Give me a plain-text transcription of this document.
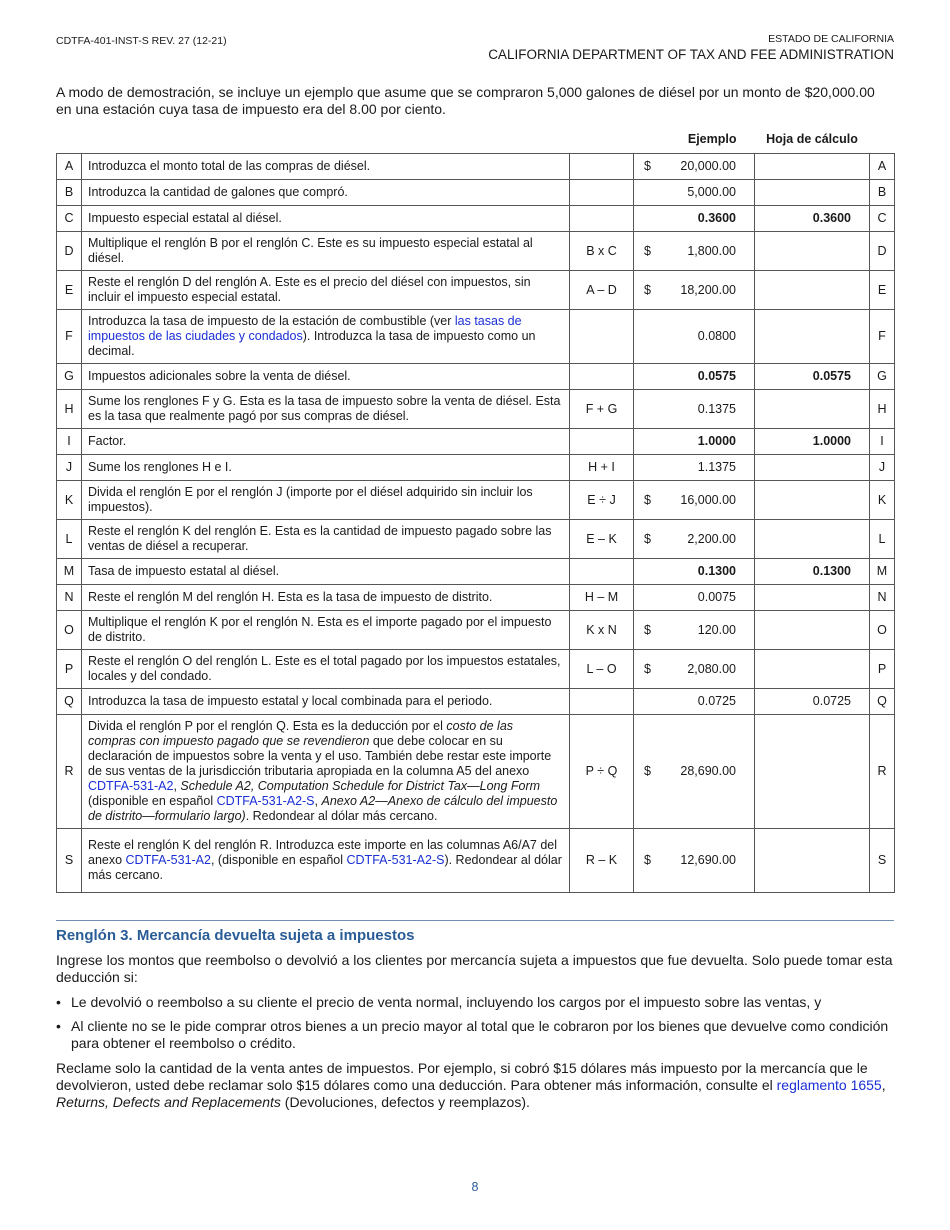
CDTFA-401-INST-S REV. 27 (12-21)	ESTADO DE CALIFORNIA
CALIFORNIA DEPARTMENT OF TAX AND FEE ADMINISTRATION
A modo de demostración, se incluye un ejemplo que asume que se compraron 5,000 galones de diésel por un monto de $20,000.00 en una estación cuya tasa de impuesto era del 8.00 por ciento.
			Ejemplo	Hoja de cálculo	
A	Introduzca el monto total de las compras de diésel.		$ 20,000.00		A
B	Introduzca la cantidad de galones que compró.		5,000.00		B
C	Impuesto especial estatal al diésel.		0.3600	0.3600	C
D	Multiplique el renglón B por el renglón C. Este es su impuesto especial estatal al diésel.	B x C	$ 1,800.00		D
E	Reste el renglón D del renglón A. Este es el precio del diésel con impuestos, sin incluir el impuesto especial estatal.	A – D	$ 18,200.00		E
F	Introduzca la tasa de impuesto de la estación de combustible (ver las tasas de impuestos de las ciudades y condados). Introduzca la tasa de impuesto como un decimal.		0.0800		F
G	Impuestos adicionales sobre la venta de diésel.		0.0575	0.0575	G
H	Sume los renglones F y G. Esta es la tasa de impuesto sobre la venta de diésel. Esta es la tasa que realmente pagó por sus compras de diésel.	F + G	0.1375		H
I	Factor.		1.0000	1.0000	I
J	Sume los renglones H e I.	H + I	1.1375		J
K	Divida el renglón E por el renglón J (importe por el diésel adquirido sin incluir los impuestos).	E ÷ J	$ 16,000.00		K
L	Reste el renglón K del renglón E. Esta es la cantidad de impuesto pagado sobre las ventas de diésel a recuperar.	E – K	$ 2,200.00		L
M	Tasa de impuesto estatal al diésel.		0.1300	0.1300	M
N	Reste el renglón M del renglón H. Esta es la tasa de impuesto de distrito.	H – M	0.0075		N
O	Multiplique el renglón K por el renglón N. Esta es el importe pagado por el impuesto de distrito.	K x N	$ 120.00		O
P	Reste el renglón O del renglón L. Este es el total pagado por los impuestos estatales, locales y del condado.	L – O	$ 2,080.00		P
Q	Introduzca la tasa de impuesto estatal y local combinada para el periodo.		0.0725	0.0725	Q
R	Divida el renglón P por el renglón Q. Esta es la deducción por el costo de las compras con impuesto pagado que se revendieron que debe colocar en su declaración de impuestos sobre la venta y el uso. También debe restar este importe de sus ventas de la jurisdicción tributaria apropiada en la columna A5 del anexo CDTFA-531-A2, Schedule A2, Computation Schedule for District Tax—Long Form (disponible en español CDTFA-531-A2-S, Anexo A2—Anexo de cálculo del impuesto de distrito—formulario largo). Redondear al dólar más cercano.	P ÷ Q	$ 28,690.00		R
S	Reste el renglón K del renglón R. Introduzca este importe en las columnas A6/A7 del anexo CDTFA-531-A2, (disponible en español CDTFA-531-A2-S). Redondear al dólar más cercano.	R – K	$ 12,690.00		S
Renglón 3. Mercancía devuelta sujeta a impuestos

Ingrese los montos que reembolso o devolvió a los clientes por mercancía sujeta a impuestos que fue devuelta. Solo puede tomar esta deducción si:

• Le devolvió o reembolso a su cliente el precio de venta normal, incluyendo los cargos por el impuesto sobre las ventas, y
• Al cliente no se le pide comprar otros bienes a un precio mayor al total que le cobraron por los bienes que devuelve como condición para obtener el reembolso o crédito.

Reclame solo la cantidad de la venta antes de impuestos. Por ejemplo, si cobró $15 dólares más impuesto por la mercancía que le devolvieron, usted debe reclamar solo $15 dólares como una deducción. Para obtener más información, consulte el reglamento 1655, Returns, Defects and Replacements (Devoluciones, defectos y reemplazos).

8
